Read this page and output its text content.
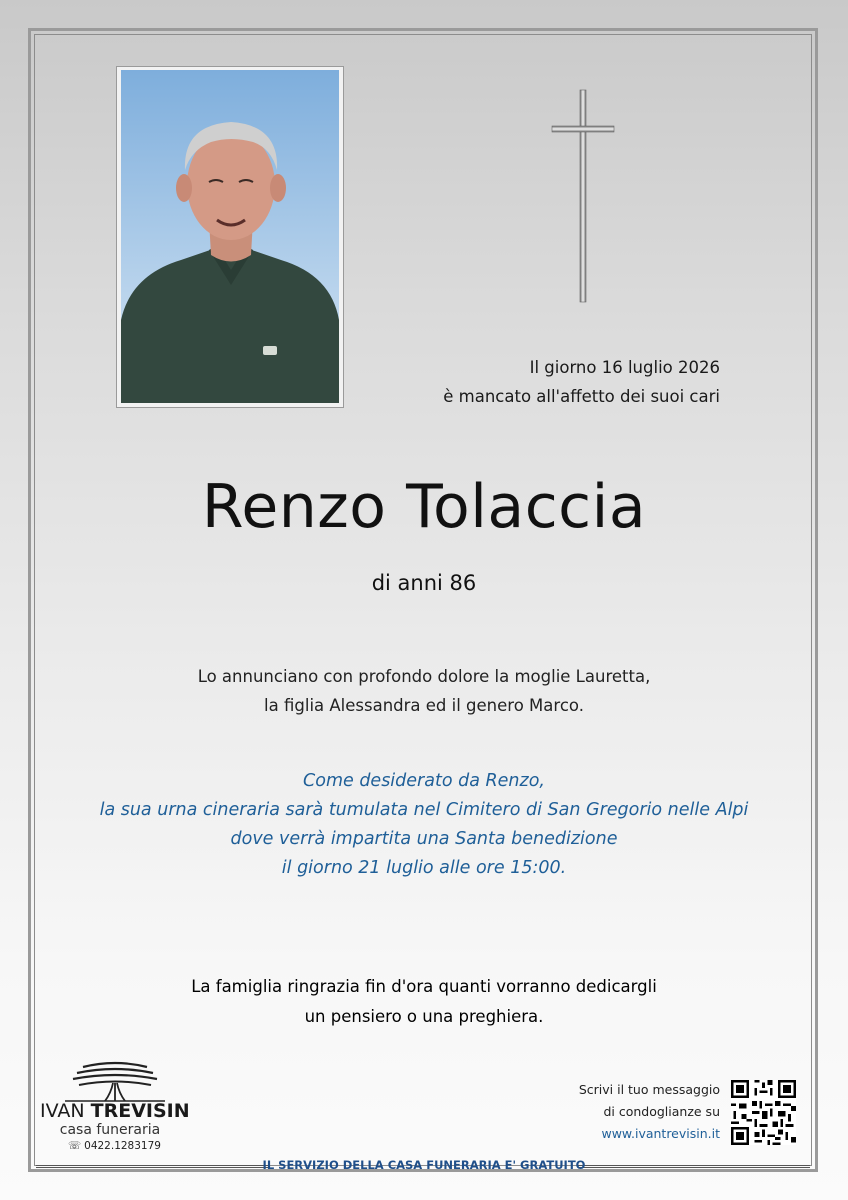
Il giorno 16 luglio 2026
è mancato all'affetto dei suoi cari
Renzo Tolaccia
di anni 86
Lo annunciano con profondo dolore la moglie Lauretta,
la figlia Alessandra ed il genero Marco.
Come desiderato da Renzo,
la sua urna cineraria sarà tumulata nel Cimitero di San Gregorio nelle Alpi
dove verrà impartita una Santa benedizione
il giorno 21 luglio alle ore 15:00.
La famiglia ringrazia fin d'ora quanti vorranno dedicargli
un pensiero o una preghiera.
IVAN TREVISIN
casa funeraria
☏ 0422.1283179
Scrivi il tuo messaggio
di condoglianze su
www.ivantrevisin.it
IL SERVIZIO DELLA CASA FUNERARIA E' GRATUITO
